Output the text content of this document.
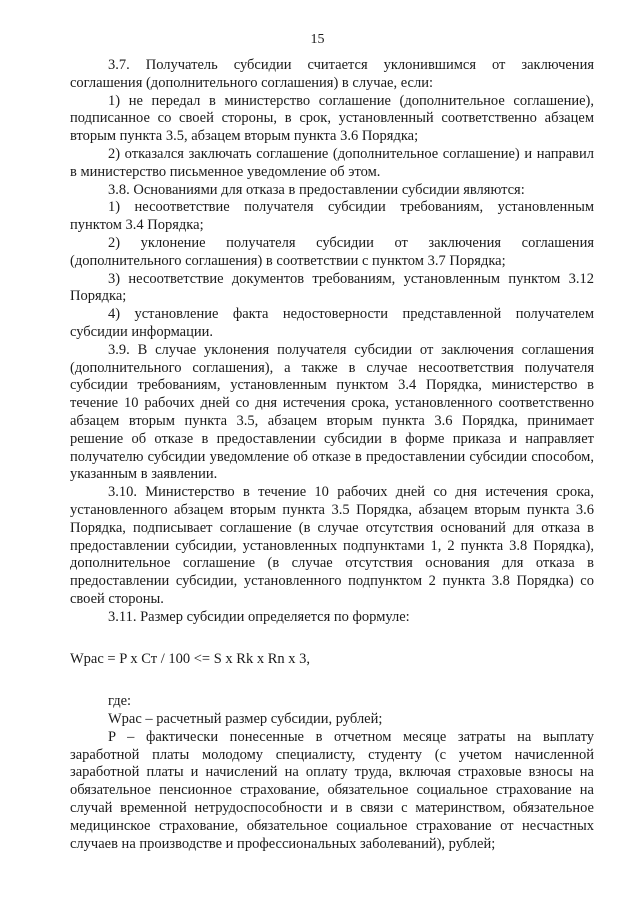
15

3.7. Получатель субсидии считается уклонившимся от заключения соглашения (дополнительного соглашения) в случае, если:

1) не передал в министерство соглашение (дополнительное соглашение), подписанное со своей стороны, в срок, установленный соответственно абзацем вторым пункта 3.5, абзацем вторым пункта 3.6 Порядка;

2) отказался заключать соглашение (дополнительное соглашение) и направил в министерство письменное уведомление об этом.

3.8. Основаниями для отказа в предоставлении субсидии являются:

1) несоответствие получателя субсидии требованиям, установленным пунктом 3.4 Порядка;

2) уклонение получателя субсидии от заключения соглашения (дополнительного соглашения) в соответствии с пунктом 3.7 Порядка;

3) несоответствие документов требованиям, установленным пунктом 3.12 Порядка;

4) установление факта недостоверности представленной получателем субсидии информации.

3.9. В случае уклонения получателя субсидии от заключения соглашения (дополнительного соглашения), а также в случае несоответствия получателя субсидии требованиям, установленным пунктом 3.4 Порядка, министерство в течение 10 рабочих дней со дня истечения срока, установленного соответственно абзацем вторым пункта 3.5, абзацем вторым пункта 3.6 Порядка, принимает решение об отказе в предоставлении субсидии в форме приказа и направляет получателю субсидии уведомление об отказе в предоставлении субсидии способом, указанным в заявлении.

3.10. Министерство в течение 10 рабочих дней со дня истечения срока, установленного абзацем вторым пункта 3.5 Порядка, абзацем вторым пункта 3.6 Порядка, подписывает соглашение (в случае отсутствия оснований для отказа в предоставлении субсидии, установленных подпунктами 1, 2 пункта 3.8 Порядка), дополнительное соглашение (в случае отсутствия основания для отказа в предоставлении субсидии, установленного подпунктом 2 пункта 3.8 Порядка) со своей стороны.

3.11. Размер субсидии определяется по формуле:

Wpac = P x Ст / 100 <= S x Rk x Rn x 3,

где:

Wpac – расчетный размер субсидии, рублей;

P – фактически понесенные в отчетном месяце затраты на выплату заработной платы молодому специалисту, студенту (с учетом начисленной заработной платы и начислений на оплату труда, включая страховые взносы на обязательное пенсионное страхование, обязательное социальное страхование на случай временной нетрудоспособности и в связи с материнством, обязательное медицинское страхование, обязательное социальное страхование от несчастных случаев на производстве и профессиональных заболеваний), рублей;
